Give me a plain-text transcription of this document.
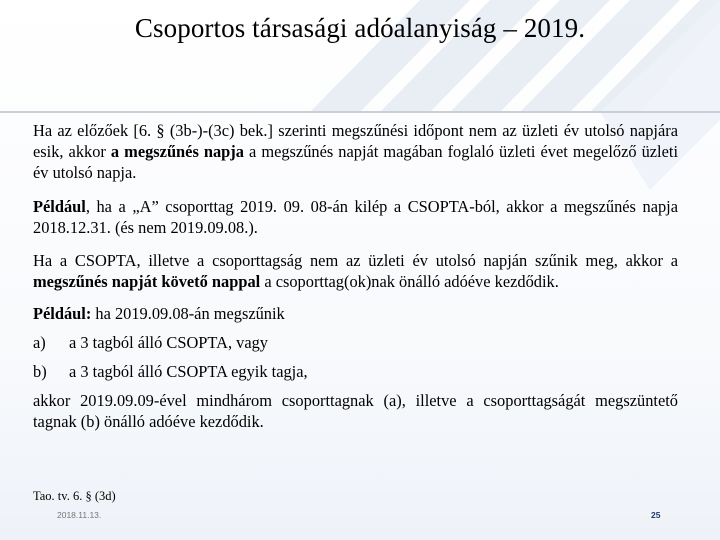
Csoportos társasági adóalanyiság – 2019.

Ha az előzőek [6. § (3b-)-(3c) bek.] szerinti megszűnési időpont nem az üzleti év utolsó napjára esik, akkor a megszűnés napja a megszűnés napját magában foglaló üzleti évet megelőző üzleti év utolsó napja.

Például, ha a „A” csoporttag 2019. 09. 08-án kilép a CSOPTA-ból, akkor a megszűnés napja 2018.12.31. (és nem 2019.09.08.).

Ha a CSOPTA, illetve a csoporttagság nem az üzleti év utolsó napján szűnik meg, akkor a megszűnés napját követő nappal a csoporttag(ok)nak önálló adóéve kezdődik.

Például: ha 2019.09.08-án megszűnik

a)	a 3 tagból álló CSOPTA, vagy
b)	a 3 tagból álló CSOPTA egyik tagja,

akkor 2019.09.09-ével mindhárom csoporttagnak (a), illetve a csoporttagságát megszüntető tagnak (b) önálló adóéve kezdődik.

Tao. tv. 6. § (3d)
2018.11.13.	25
